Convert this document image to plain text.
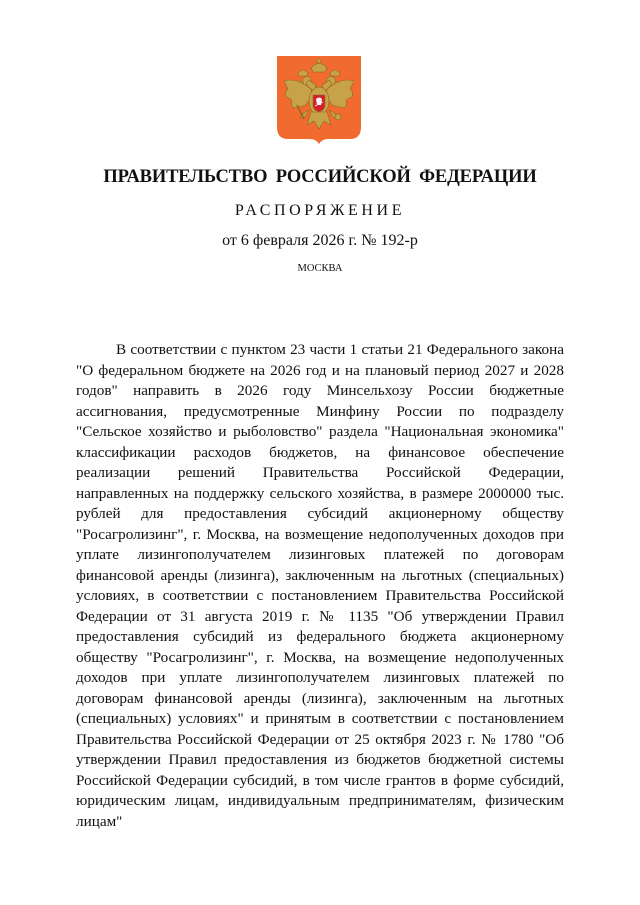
ПРАВИТЕЛЬСТВО РОССИЙСКОЙ ФЕДЕРАЦИИ
РАСПОРЯЖЕНИЕ
от 6 февраля 2026 г. № 192-р
МОСКВА

В соответствии с пунктом 23 части 1 статьи 21 Федерального закона "О федеральном бюджете на 2026 год и на плановый период 2027 и 2028 годов" направить в 2026 году Минсельхозу России бюджетные ассигнования, предусмотренные Минфину России по подразделу "Сельское хозяйство и рыболовство" раздела "Национальная экономика" классификации расходов бюджетов, на финансовое обеспечение реализации решений Правительства Российской Федерации, направленных на поддержку сельского хозяйства, в размере 2000000 тыс. рублей для предоставления субсидий акционерному обществу "Росагролизинг", г. Москва, на возмещение недополученных доходов при уплате лизингополучателем лизинговых платежей по договорам финансовой аренды (лизинга), заключенным на льготных (специальных) условиях, в соответствии с постановлением Правительства Российской Федерации от 31 августа 2019 г. № 1135 "Об утверждении Правил предоставления субсидий из федерального бюджета акционерному обществу "Росагролизинг", г. Москва, на возмещение недополученных доходов при уплате лизингополучателем лизинговых платежей по договорам финансовой аренды (лизинга), заключенным на льготных (специальных) условиях" и принятым в соответствии с постановлением Правительства Российской Федерации от 25 октября 2023 г. № 1780 "Об утверждении Правил предоставления из бюджетов бюджетной системы Российской Федерации субсидий, в том числе грантов в форме субсидий, юридическим лицам, индивидуальным предпринимателям, физическим лицам"
